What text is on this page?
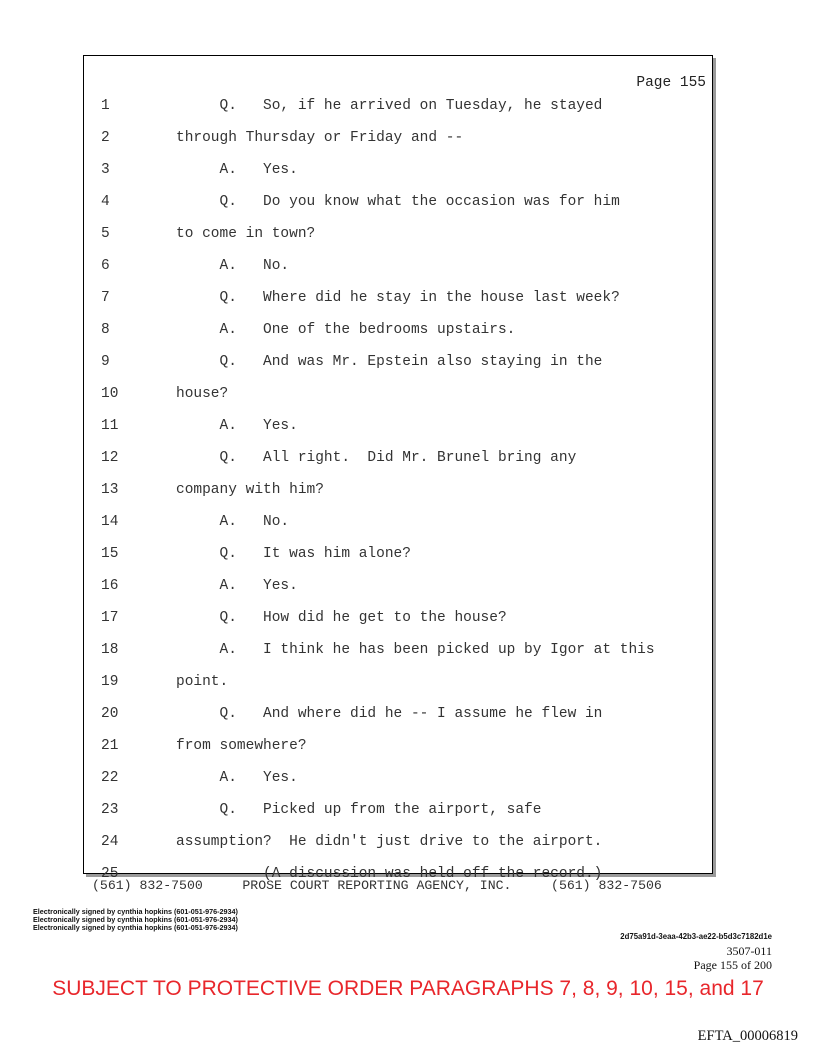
Page 155
1	Q.   So, if he arrived on Tuesday, he stayed
2	through Thursday or Friday and --
3	A.   Yes.
4	Q.   Do you know what the occasion was for him
5	to come in town?
6	A.   No.
7	Q.   Where did he stay in the house last week?
8	A.   One of the bedrooms upstairs.
9	Q.   And was Mr. Epstein also staying in the
10	house?
11	A.   Yes.
12	Q.   All right.  Did Mr. Brunel bring any
13	company with him?
14	A.   No.
15	Q.   It was him alone?
16	A.   Yes.
17	Q.   How did he get to the house?
18	A.   I think he has been picked up by Igor at this
19	point.
20	Q.   And where did he -- I assume he flew in
21	from somewhere?
22	A.   Yes.
23	Q.   Picked up from the airport, safe
24	assumption?  He didn't just drive to the airport.
25	(A discussion was held off the record.)
(561) 832-7500	PROSE COURT REPORTING AGENCY, INC.	(561) 832-7506
Electronically signed by cynthia hopkins (601-051-976-2934)
Electronically signed by cynthia hopkins (601-051-976-2934)
Electronically signed by cynthia hopkins (601-051-976-2934)
2d75a91d-3eaa-42b3-ae22-b5d3c7182d1e
3507-011
Page 155 of 200
SUBJECT TO PROTECTIVE ORDER PARAGRAPHS 7, 8, 9, 10, 15, and 17
EFTA_00006819
